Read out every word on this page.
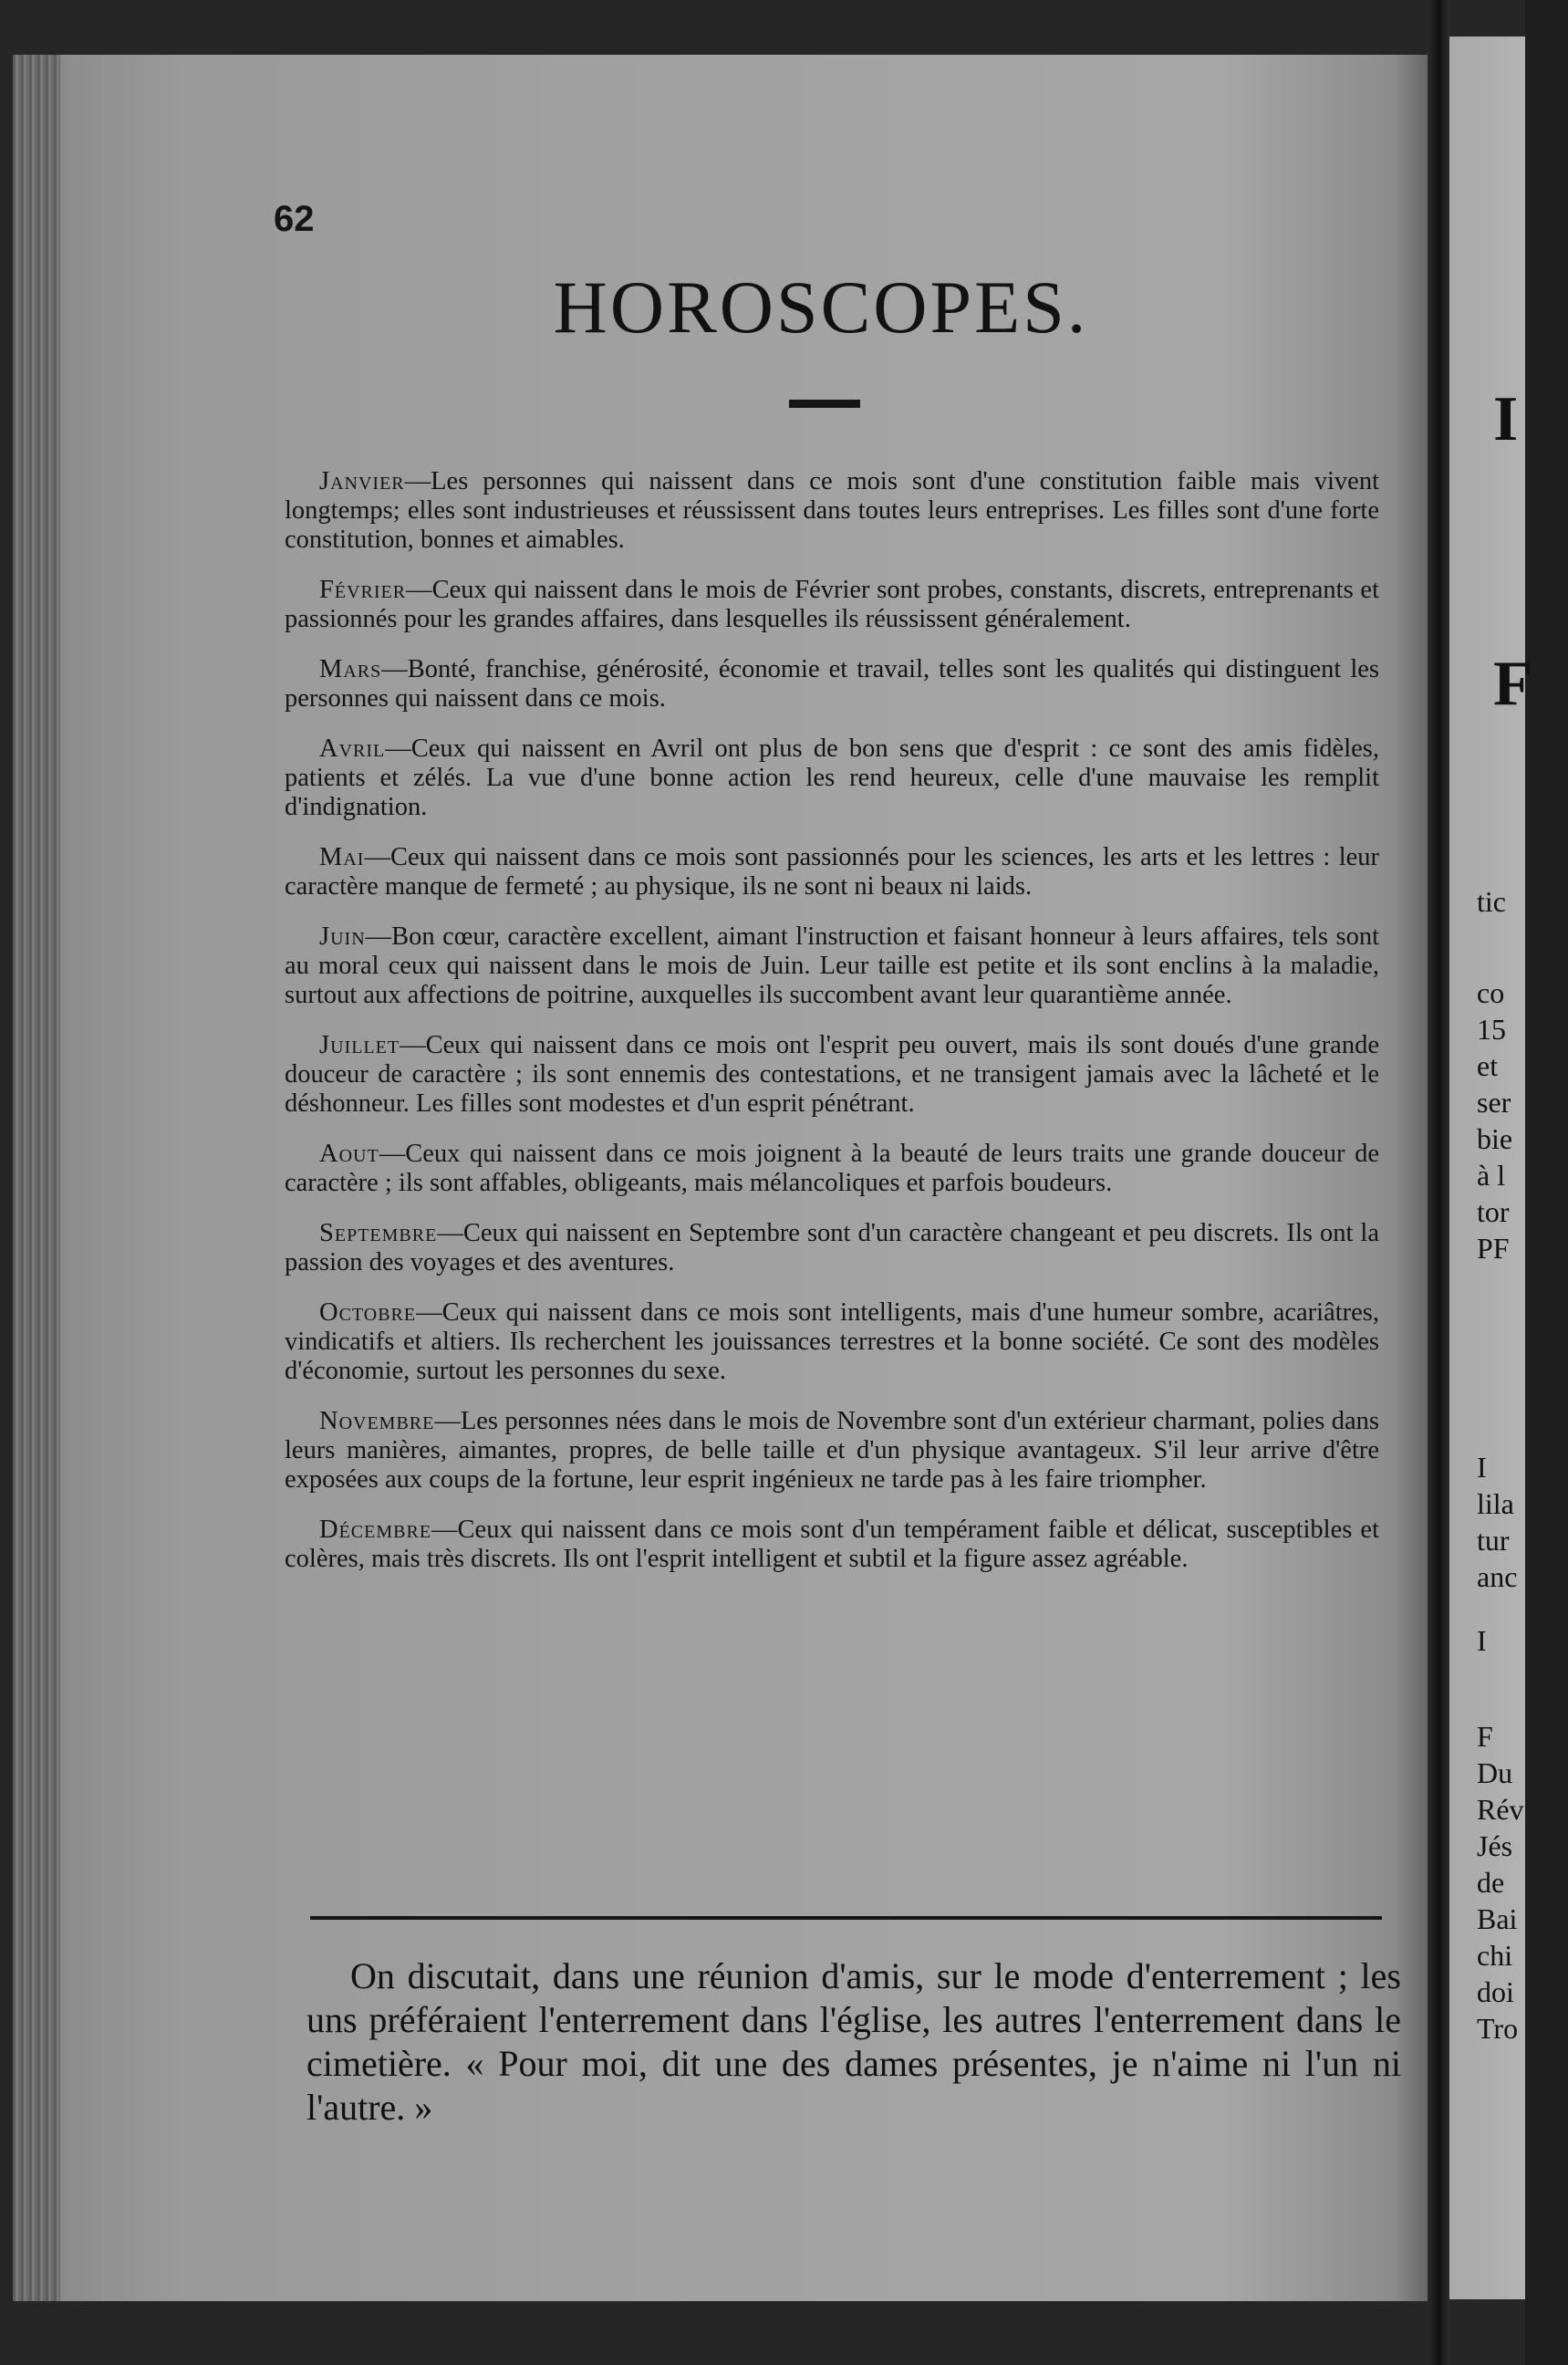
62
HOROSCOPES.

Janvier—Les personnes qui naissent dans ce mois sont d'une constitution faible mais vivent longtemps; elles sont industrieuses et réussissent dans toutes leurs entreprises. Les filles sont d'une forte constitution, bonnes et aimables.

Février—Ceux qui naissent dans le mois de Février sont probes, constants, discrets, entreprenants et passionnés pour les grandes affaires, dans lesquelles ils réussissent généralement.

Mars—Bonté, franchise, générosité, économie et travail, telles sont les qualités qui distinguent les personnes qui naissent dans ce mois.

Avril—Ceux qui naissent en Avril ont plus de bon sens que d'esprit : ce sont des amis fidèles, patients et zélés. La vue d'une bonne action les rend heureux, celle d'une mauvaise les remplit d'indignation.

Mai—Ceux qui naissent dans ce mois sont passionnés pour les sciences, les arts et les lettres : leur caractère manque de fermeté ; au physique, ils ne sont ni beaux ni laids.

Juin—Bon cœur, caractère excellent, aimant l'instruction et faisant honneur à leurs affaires, tels sont au moral ceux qui naissent dans le mois de Juin. Leur taille est petite et ils sont enclins à la maladie, surtout aux affections de poitrine, auxquelles ils succombent avant leur quarantième année.

Juillet—Ceux qui naissent dans ce mois ont l'esprit peu ouvert, mais ils sont doués d'une grande douceur de caractère ; ils sont ennemis des contestations, et ne transigent jamais avec la lâcheté et le déshonneur. Les filles sont modestes et d'un esprit pénétrant.

Aout—Ceux qui naissent dans ce mois joignent à la beauté de leurs traits une grande douceur de caractère ; ils sont affables, obligeants, mais mélancoliques et parfois boudeurs.

Septembre—Ceux qui naissent en Septembre sont d'un caractère changeant et peu discrets. Ils ont la passion des voyages et des aventures.

Octobre—Ceux qui naissent dans ce mois sont intelligents, mais d'une humeur sombre, acariâtres, vindicatifs et altiers. Ils recherchent les jouissances terrestres et la bonne société. Ce sont des modèles d'économie, surtout les personnes du sexe.

Novembre—Les personnes nées dans le mois de Novembre sont d'un extérieur charmant, polies dans leurs manières, aimantes, propres, de belle taille et d'un physique avantageux. S'il leur arrive d'être exposées aux coups de la fortune, leur esprit ingénieux ne tarde pas à les faire triompher.

Décembre—Ceux qui naissent dans ce mois sont d'un tempérament faible et délicat, susceptibles et colères, mais très discrets. Ils ont l'esprit intelligent et subtil et la figure assez agréable.

On discutait, dans une réunion d'amis, sur le mode d'enterrement ; les uns préféraient l'enterrement dans l'église, les autres l'enterrement dans le cimetière. « Pour moi, dit une des dames présentes, je n'aime ni l'un ni l'autre. »

I
F
tic
co
15
et
ser
bie
à l
tor
PF
I
lila
tur
anc
I
F
Du
Rév
Jés
de
Bai
chi
doi
Tro
